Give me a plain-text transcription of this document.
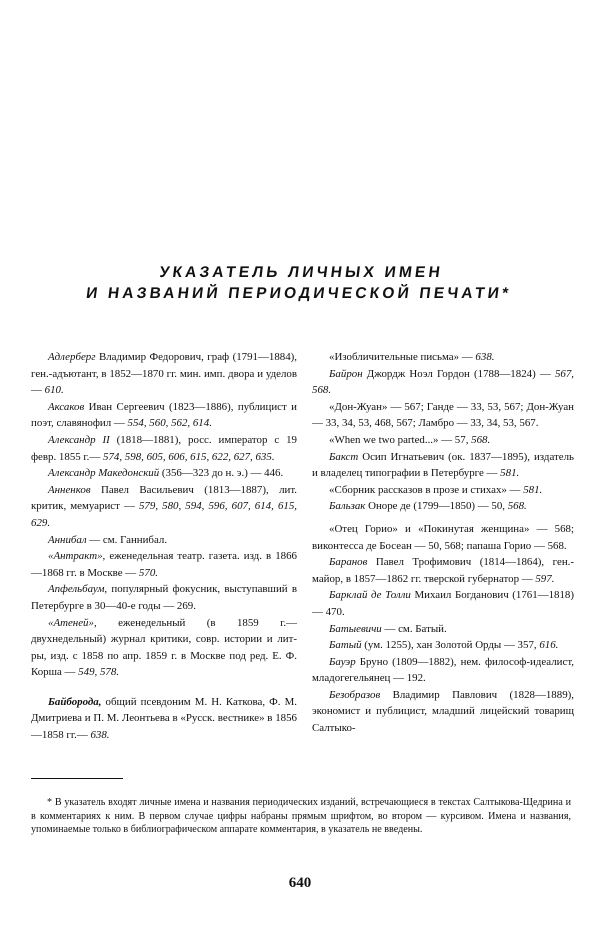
УКАЗАТЕЛЬ ЛИЧНЫХ ИМЕН
И НАЗВАНИЙ ПЕРИОДИЧЕСКОЙ ПЕЧАТИ*

Адлерберг Владимир Федорович, граф (1791—1884), ген.-адъютант, в 1852—1870 гг. мин. имп. двора и уделов — 610.

Аксаков Иван Сергеевич (1823—1886), публицист и поэт, славянофил — 554, 560, 562, 614.

Александр II (1818—1881), росс. император с 19 февр. 1855 г.— 574, 598, 605, 606, 615, 622, 627, 635.

Александр Македонский (356—323 до н. э.) — 446.

Анненков Павел Васильевич (1813—1887), лит. критик, мемуарист — 579, 580, 594, 596, 607, 614, 615, 629.

Аннибал — см. Ганнибал.

«Антракт», еженедельная театр. газета. изд. в 1866—1868 гг. в Москве — 570.

Апфельбаум, популярный фокусник, выступавший в Петербурге в 30—40-е годы — 269.

«Атеней», еженедельный (в 1859 г.— двухнедельный) журнал критики, совр. истории и лит-ры, изд. с 1858 по апр. 1859 г. в Москве под ред. Е. Ф. Корша — 549, 578.

Байборода, общий псевдоним М. Н. Каткова, Ф. М. Дмитриева и П. М. Леонтьева в «Русск. вестнике» в 1856—1858 гг.— 638.

«Изобличительные письма» — 638.

Байрон Джордж Ноэл Гордон (1788—1824) — 567, 568.

«Дон-Жуан» — 567; Ганде — 33, 53, 567; Дон-Жуан — 33, 34, 53, 468, 567; Ламбро — 33, 34, 53, 567.

«When we two parted...» — 57, 568.

Бакст Осип Игнатьевич (ок. 1837—1895), издатель и владелец типографии в Петербурге — 581.

«Сборник рассказов в прозе и стихах» — 581.

Бальзак Оноре де (1799—1850) — 50, 568.

«Отец Горио» и «Покинутая женщина» — 568; виконтесса де Босеан — 50, 568; папаша Горио — 568.

Баранов Павел Трофимович (1814—1864), ген.-майор, в 1857—1862 гг. тверской губернатор — 597.

Барклай де Толли Михаил Богданович (1761—1818) — 470.

Батыевичи — см. Батый.

Батый (ум. 1255), хан Золотой Орды — 357, 616.

Бауэр Бруно (1809—1882), нем. философ-идеалист, младогегельянец — 192.

Безобразов Владимир Павлович (1828—1889), экономист и публицист, младший лицейский товарищ Салтыко-

* В указатель входят личные имена и названия периодических изданий, встречающиеся в текстах Салтыкова-Щедрина и в комментариях к ним. В первом случае цифры набраны прямым шрифтом, во втором — курсивом. Имена и названия, упоминаемые только в библиографическом аппарате комментария, в указатель не введены.

640
